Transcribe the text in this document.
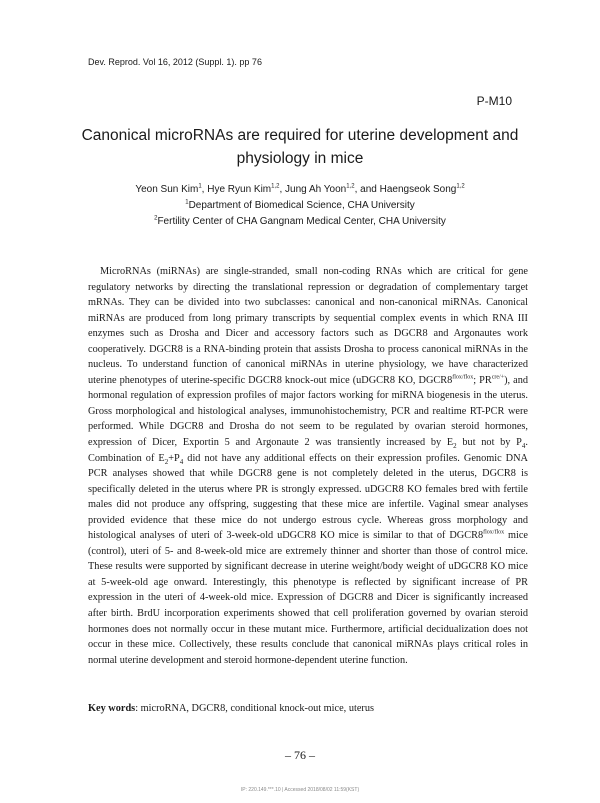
Dev. Reprod. Vol 16, 2012 (Suppl. 1). pp 76
P-M10
Canonical microRNAs are required for uterine development and
physiology in mice
Yeon Sun Kim$^1$, Hye Ryun Kim$^{1,2}$, Jung Ah Yoon$^{1,2}$, and Haengseok Song$^{1,2}$
$^1$Department of Biomedical Science, CHA University
$^2$Fertility Center of CHA Gangnam Medical Center, CHA University

MicroRNAs (miRNAs) are single-stranded, small non-coding RNAs which are critical for gene regulatory networks by directing the translational repression or degradation of complementary target mRNAs. They can be divided into two subclasses: canonical and non-canonical miRNAs. Canonical miRNAs are produced from long primary transcripts by sequential complex events in which RNA III enzymes such as Drosha and Dicer and accessory factors such as DGCR8 and Argonautes work cooperatively. DGCR8 is a RNA-binding protein that assists Drosha to process canonical miRNAs in the nucleus. To understand function of canonical miRNAs in uterine physiology, we have characterized uterine phenotypes of uterine-specific DGCR8 knock-out mice (uDGCR8 KO, $DGCR8^{flox/flox}$; $PR^{cre/+}$), and hormonal regulation of expression profiles of major factors working for miRNA biogenesis in the uterus. Gross morphological and histological analyses, immunohistochemistry, PCR and realtime RT-PCR were performed. While DGCR8 and Drosha do not seem to be regulated by ovarian steroid hormones, expression of Dicer, Exportin 5 and Argonaute 2 was transiently increased by $E_2$ but not by $P_4$. Combination of $E_2+P_4$ did not have any additional effects on their expression profiles. Genomic DNA PCR analyses showed that while DGCR8 gene is not completely deleted in the uterus, DGCR8 is specifically deleted in the uterus where PR is strongly expressed. uDGCR8 KO females bred with fertile males did not produce any offspring, suggesting that these mice are infertile. Vaginal smear analyses provided evidence that these mice do not undergo estrous cycle. Whereas gross morphology and histological analyses of uteri of 3-week-old uDGCR8 KO mice is similar to that of $DGCR8^{flox/flox}$ mice (control), uteri of 5- and 8-week-old mice are extremely thinner and shorter than those of control mice. These results were supported by significant decrease in uterine weight/body weight of uDGCR8 KO mice at 5-week-old age onward. Interestingly, this phenotype is reflected by significant increase of PR expression in the uteri of 4-week-old mice. Expression of DGCR8 and Dicer is significantly increased after birth. BrdU incorporation experiments showed that cell proliferation governed by ovarian steroid hormones does not normally occur in these mutant mice. Furthermore, artificial decidualization does not occur in these mice. Collectively, these results conclude that canonical miRNAs plays critical roles in normal uterine development and steroid hormone-dependent uterine function.

Key words: microRNA, DGCR8, conditional knock-out mice, uterus
– 76 –
IP: 220.149.***.10 | Accessed 2018/08/02 11:59(KST)
